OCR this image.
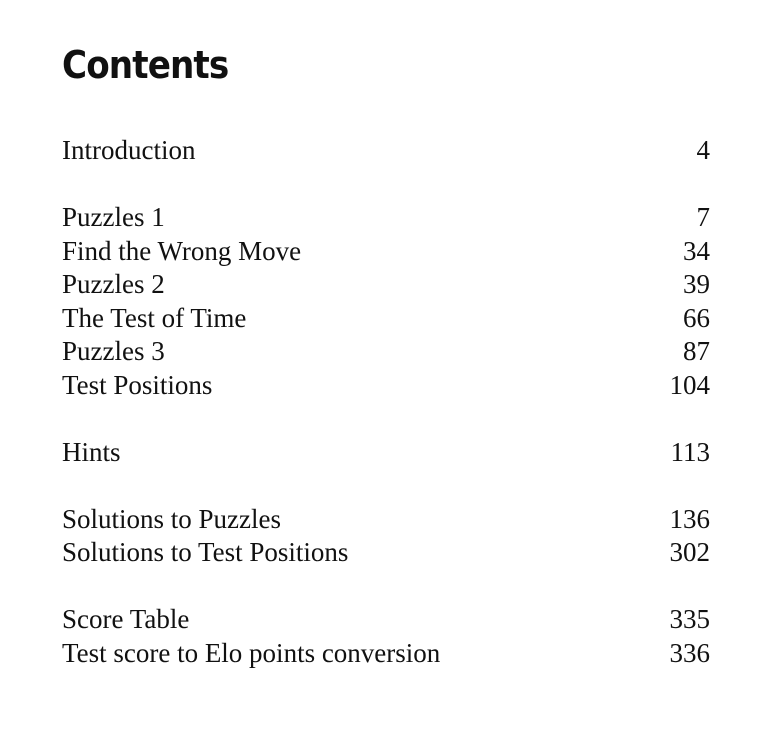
Contents
Introduction	4
Puzzles 1	7
Find the Wrong Move	34
Puzzles 2	39
The Test of Time	66
Puzzles 3	87
Test Positions	104
Hints	113
Solutions to Puzzles	136
Solutions to Test Positions	302
Score Table	335
Test score to Elo points conversion	336
